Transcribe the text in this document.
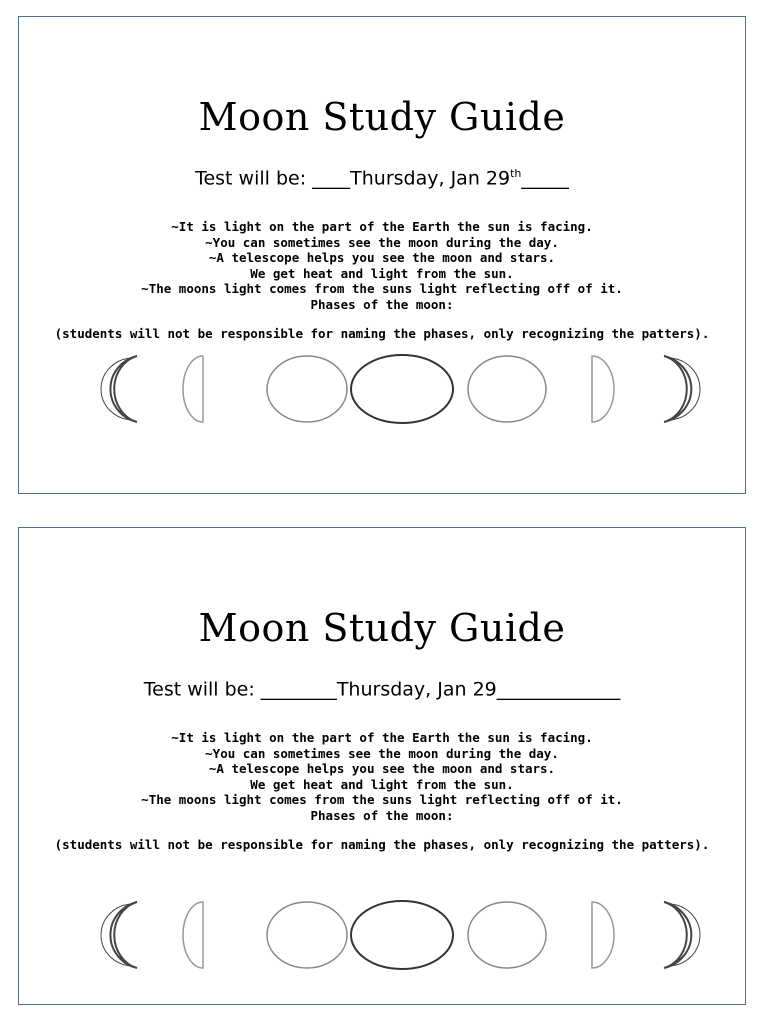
Moon Study Guide
Test will be: ____Thursday, Jan 29th_____
~It is light on the part of the Earth the sun is facing.
~You can sometimes see the moon during the day.
~A telescope helps you see the moon and stars.
We get heat and light from the sun.
~The moons light comes from the suns light reflecting off of it.
Phases of the moon:
(students will not be responsible for naming the phases, only recognizing the patters).
Moon Study Guide
Test will be: ________Thursday, Jan 29_____________
~It is light on the part of the Earth the sun is facing.
~You can sometimes see the moon during the day.
~A telescope helps you see the moon and stars.
We get heat and light from the sun.
~The moons light comes from the suns light reflecting off of it.
Phases of the moon:
(students will not be responsible for naming the phases, only recognizing the patters).
